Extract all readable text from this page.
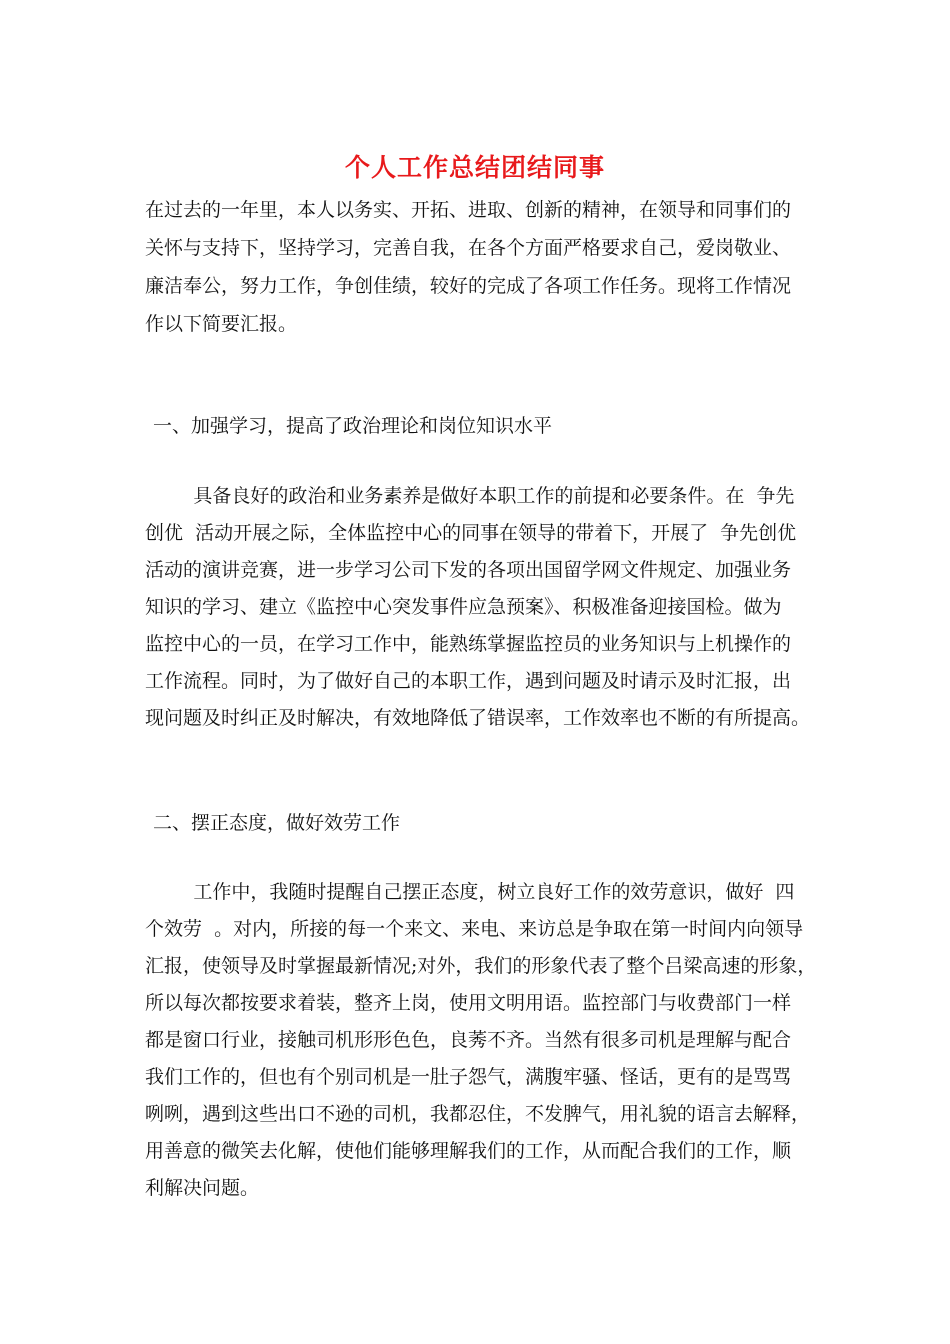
个人工作总结团结同事

在过去的一年里，本人以务实、开拓、进取、创新的精神，在领导和同事们的

关怀与支持下，坚持学习，完善自我，在各个方面严格要求自己，爱岗敬业、

廉洁奉公，努力工作，争创佳绩，较好的完成了各项工作任务。现将工作情况

作以下简要汇报。

一、加强学习，提高了政治理论和岗位知识水平

具备良好的政治和业务素养是做好本职工作的前提和必要条件。在  争先

创优  活动开展之际，全体监控中心的同事在领导的带着下，开展了  争先创优

活动的演讲竞赛，进一步学习公司下发的各项出国留学网文件规定、加强业务

知识的学习、建立《监控中心突发事件应急预案》、积极准备迎接国检。做为

监控中心的一员，在学习工作中，能熟练掌握监控员的业务知识与上机操作的

工作流程。同时，为了做好自己的本职工作，遇到问题及时请示及时汇报，出

现问题及时纠正及时解决，有效地降低了错误率，工作效率也不断的有所提高。

二、摆正态度，做好效劳工作

工作中，我随时提醒自己摆正态度，树立良好工作的效劳意识，做好  四

个效劳  。对内，所接的每一个来文、来电、来访总是争取在第一时间内向领导

汇报，使领导及时掌握最新情况;对外，我们的形象代表了整个吕梁高速的形象，

所以每次都按要求着装，整齐上岗，使用文明用语。监控部门与收费部门一样

都是窗口行业，接触司机形形色色，良莠不齐。当然有很多司机是理解与配合

我们工作的，但也有个别司机是一肚子怨气，满腹牢骚、怪话，更有的是骂骂

咧咧，遇到这些出口不逊的司机，我都忍住，不发脾气，用礼貌的语言去解释，

用善意的微笑去化解，使他们能够理解我们的工作，从而配合我们的工作，顺

利解决问题。
